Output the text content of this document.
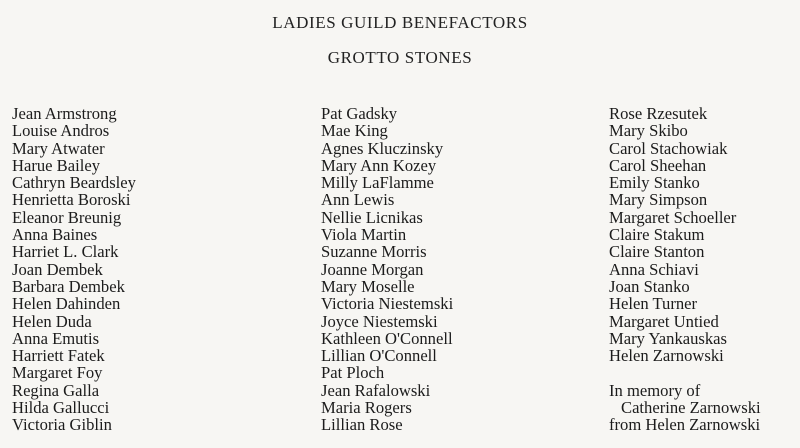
LADIES GUILD BENEFACTORS
GROTTO STONES
Jean Armstrong
Louise Andros
Mary Atwater
Harue Bailey
Cathryn Beardsley
Henrietta Boroski
Eleanor Breunig
Anna Baines
Harriet L. Clark
Joan Dembek
Barbara Dembek
Helen Dahinden
Helen Duda
Anna Emutis
Harriett Fatek
Margaret Foy
Regina Galla
Hilda Gallucci
Victoria Giblin
Pat Gadsky
Mae King
Agnes Kluczinsky
Mary Ann Kozey
Milly LaFlamme
Ann Lewis
Nellie Licnikas
Viola Martin
Suzanne Morris
Joanne Morgan
Mary Moselle
Victoria Niestemski
Joyce Niestemski
Kathleen O'Connell
Lillian O'Connell
Pat Ploch
Jean Rafalowski
Maria Rogers
Lillian Rose
Rose Rzesutek
Mary Skibo
Carol Stachowiak
Carol Sheehan
Emily Stanko
Mary Simpson
Margaret Schoeller
Claire Stakum
Claire Stanton
Anna Schiavi
Joan Stanko
Helen Turner
Margaret Untied
Mary Yankauskas
Helen Zarnowski
In memory of
Catherine Zarnowski
from Helen Zarnowski
